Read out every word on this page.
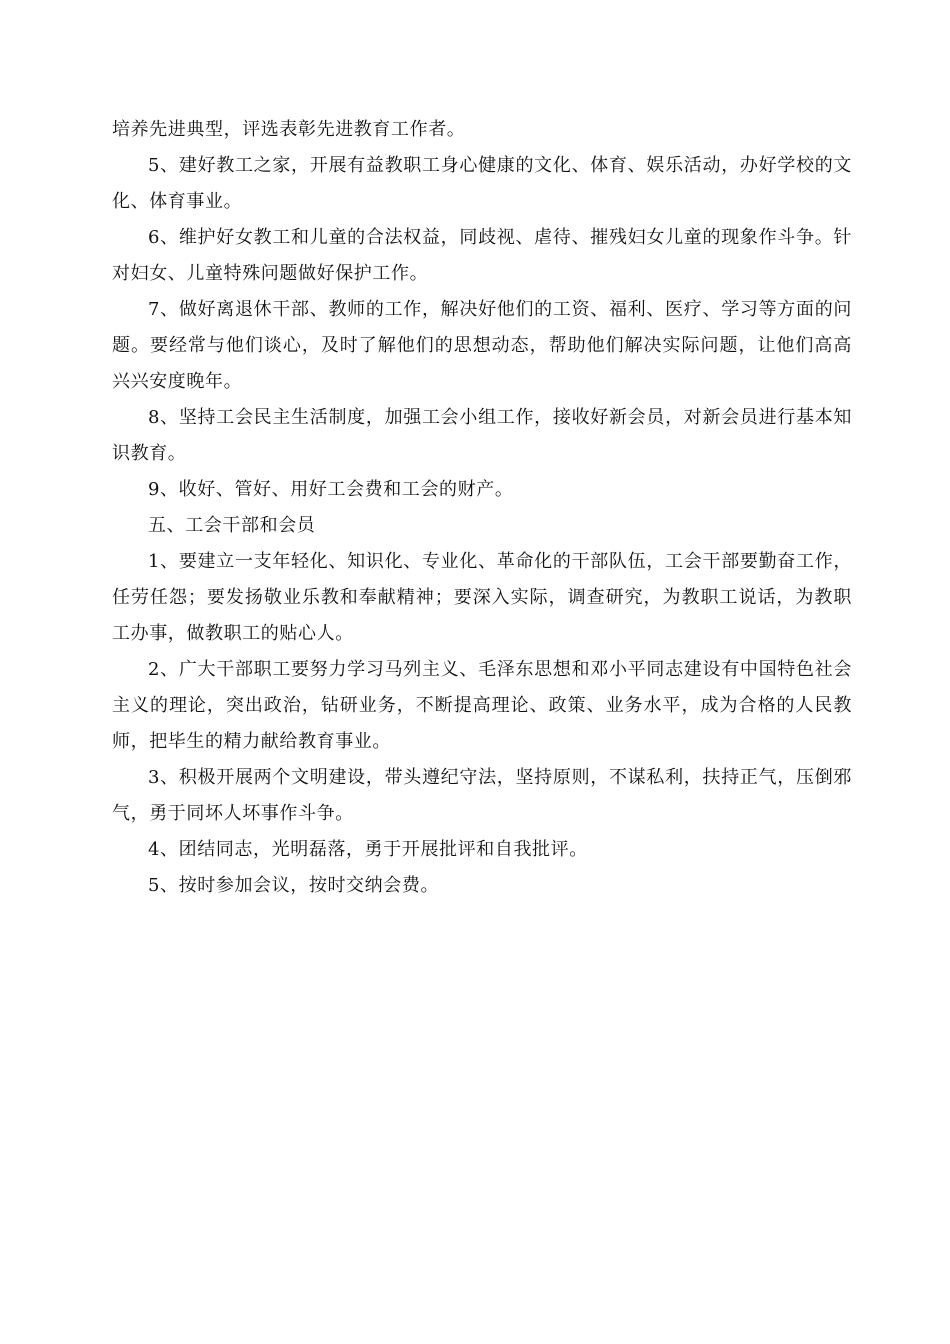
培养先进典型，评选表彰先进教育工作者。

5、建好教工之家，开展有益教职工身心健康的文化、体育、娱乐活动，办好学校的文化、体育事业。

6、维护好女教工和儿童的合法权益，同歧视、虐待、摧残妇女儿童的现象作斗争。针对妇女、儿童特殊问题做好保护工作。

7、做好离退休干部、教师的工作，解决好他们的工资、福利、医疗、学习等方面的问题。要经常与他们谈心，及时了解他们的思想动态，帮助他们解决实际问题，让他们高高兴兴安度晚年。

8、坚持工会民主生活制度，加强工会小组工作，接收好新会员，对新会员进行基本知识教育。

9、收好、管好、用好工会费和工会的财产。

五、工会干部和会员

1、要建立一支年轻化、知识化、专业化、革命化的干部队伍，工会干部要勤奋工作，任劳任怨；要发扬敬业乐教和奉献精神；要深入实际，调查研究，为教职工说话，为教职工办事，做教职工的贴心人。

2、广大干部职工要努力学习马列主义、毛泽东思想和邓小平同志建设有中国特色社会主义的理论，突出政治，钻研业务，不断提高理论、政策、业务水平，成为合格的人民教师，把毕生的精力献给教育事业。

3、积极开展两个文明建设，带头遵纪守法，坚持原则，不谋私利，扶持正气，压倒邪气，勇于同坏人坏事作斗争。

4、团结同志，光明磊落，勇于开展批评和自我批评。

5、按时参加会议，按时交纳会费。
